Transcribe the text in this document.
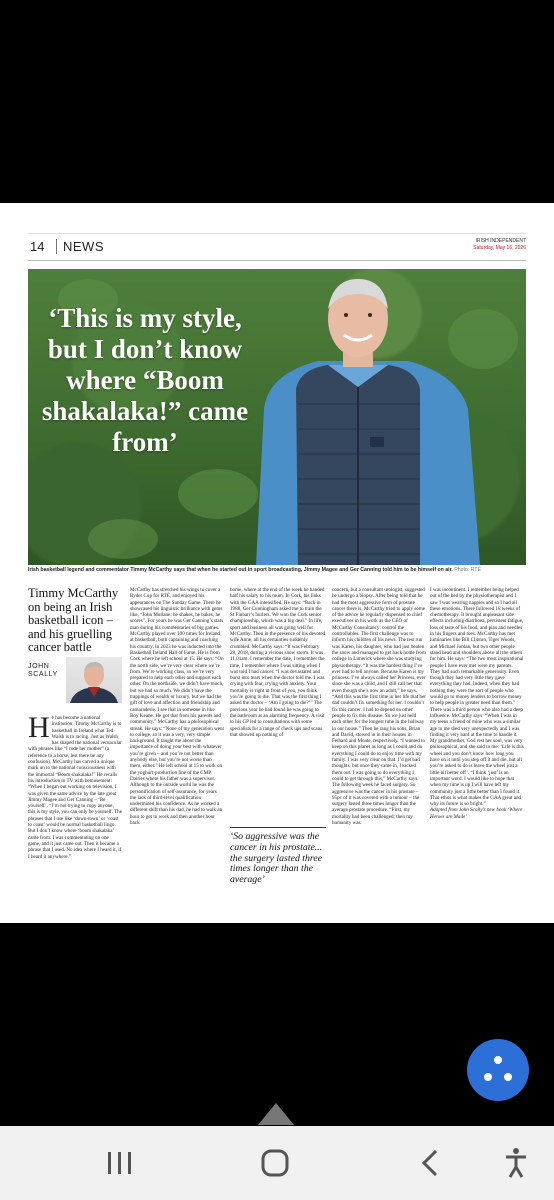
14	NEWS	IRISH INDEPENDENT
Saturday, May 16, 2026
‘This is my style, but I don’t know where “Boom shakalaka!” came from’
Irish basketball legend and commentator Timmy McCarthy says that when he started out in sport broadcasting, Jimmy Magee and Ger Canning told him to be himself on air. Photo: RTÉ
Timmy McCarthy on being an Irish basketball icon – and his gruelling cancer battle
JOHN
SCALLY

He has become a national institution. Timmy McCarthy is to basketball in Ireland what Ted Walsh is to racing. Just as Walsh has shaped the national vernacular with phrases like “I rode her mother” (a reference to a horse, lest there be any confusion), McCarthy has carved a unique mark on to the national consciousness with the immortal “Boom shakalaka!” He recalls his introduction to TV with bemusement: “When I began out working on television, I was given the same advice by the late great Jimmy Magee and Ger Canning – ‘Be yourself’. “I’m not trying to copy anyone, this is my style, you can only be yourself. The phrases that I use like ‘down-town’ or ‘coast to coast’ would be normal basketball lingo. But I don’t know where ‘boom shakalaka’ came from. I was commentating on one game, and it just came out. Then it became a phrase that I used. No idea where I heard it, if I heard it anywhere.”

McCarthy has stretched his wings to cover a Ryder Cup for RTÉ, and enjoyed his appearances on The Sunday Game. There he showcased his linguistic brilliance with gems like, “John Mullane: he shakes, he bakes, he scores”. For years he was Ger Canning’s stats man during his commentaries of big games. McCarthy played over 100 times for Ireland at basketball, both captaining and coaching his country. In 2023 he was inducted into the Basketball Ireland Hall of Fame. He is from Cork where he left school at 15. He says: “On the north side, we’re very clear where we’re from. We’re working class, so we’re very prepared to help each other and support each other. On the northside, we didn’t have much, but we had so much. We didn’t have the trappings of wealth or luxury, but we had the gift of love and affection and friendship and camaraderie. I see that in someone in like Roy Keane. He got that from his parents and community.” McCarthy has a philosophical streak. He says: “None of my generation went to college, so it was a very, very simple background. It taught me about the importance of doing your best with whatever you’re given – and you’re not better than anybody else, but you’re not worse than them, either.” He left school at 15 to work on the yoghurt-production line of the CMP Dairies where his father was a supervisor. Although to the outside world he was the personification of self-assurance, for years the lack of third-level qualification undermined his confidence. As he worked a different shift than his dad, he had to walk an hour to get to work and then another hour back

home, where at the end of the week he handed half his salary to his mum. In Cork, his links with the GAA intensified. He says: “Back in 1988, Ger Cunningham asked me to train the St Finbarr’s hurlers. We won the Cork senior championship, which was a big deal.” In life, sport and business all was going well for McCarthy. Then in the presence of his devoted wife Anne, all his certainties suddenly crumbled. McCarthy says: “It was February 28, 2018, during a vicious snow storm. It was 11.01am. I remember the date, I remember the time, I remember where I was sitting when I was told I had cancer. “I was devastated and burst into tears when the doctor told me. I was crying with fear, crying with anxiety. Your mortality is right in front of you, you think you’re going to die. That was the first thing I asked the doctor – ‘Am I going to die?’” The previous year he had found he was going to the bathroom at an alarming frequency. A visit to his GP led to consultations with some specialists for a range of check ups and scans that showed up nothing of

‘So aggressive was the cancer in his prostate... the surgery lasted three times longer than the average’

concern, but a consultant urologist, suggested he undergo a biopsy. After being told that he had the most aggressive form of prostate cancer there is, McCarthy tried to apply some of the advice he regularly dispensed to chief executives in his work as the CEO of McCarthy Consultancy: control the controllables. The first challenge was to inform his children of his news. The test run was Karen, his daughter, who had just beaten the snow and managed to get back home from college in Limerick where she was studying physiotherapy. “It was the hardest thing I’ve ever had to tell anyone. Because Karen is my princess. I’ve always called her Princess, ever since she was a child, and I still call her that even though she’s now an adult,” he says. “And this was the first time in her life that her dad couldn’t fix something for her. I couldn’t fix this cancer. I had to depend on other people to fix this disease. So we just held each other for the longest time in the hallway in our house.” Then he rang his sons, Brian and David, stowed in in their houses in Fethard and Moate, respectively. “I wanted to keep on this planet as long as I could and do everything I could do to enjoy time with my family. I was very clear on that. I’d get bad thoughts, but once they came in, I kicked them out. I was going to do everything I could to get through this,” McCarthy says. The following week he faced surgery. So aggressive was the cancer in his prostate – 95pc of it was covered with a tumour – the surgery lasted three times longer than the average prostate procedure. “First, my mortality had been challenged; then my humanity was.

I was incontinent. I remember being helped out of the bed by the physiotherapist and I saw I was wearing nappies and so I had all these emotions. There followed 18 weeks of chemotherapy. It brought unpleasant side effects including diarrhoea, persistent fatigue, loss of taste of his food, and pins and needles in his fingers and toes. McCarthy has met luminaries like Bill Clinton, Tiger Woods, and Michael Jordan, but two other people stand head and shoulders above all the others for him. He says: “The two most inspirational people I have ever met were my parents. They had such remarkable generosity. Even though they had very little they gave everything they had. Indeed, when they had nothing they were the sort of people who would go to money lenders to borrow money to help people in greater need than them.” There was a third person who also had a deep influence. McCarthy says: “When I was in my teens a friend of mine who was a similar age to me died very unexpectedly and I was finding it very hard at the time to handle it. My grandmother, God rest her soul, was very philosophical, and she said to me: ‘Life is this wheel and you don’t know how long you have on it until you step off it and die, but all you’re asked to do is leave the wheel just a little bit better off’. “I think ‘just’ is an important word. I would like to hope that when my time is up I will have left my community just a little better than I found it. That ethos is what makes the GAA great and why its future is so bright.”

Adapted from John Scally’s new book ‘Where Heroes are Made’
